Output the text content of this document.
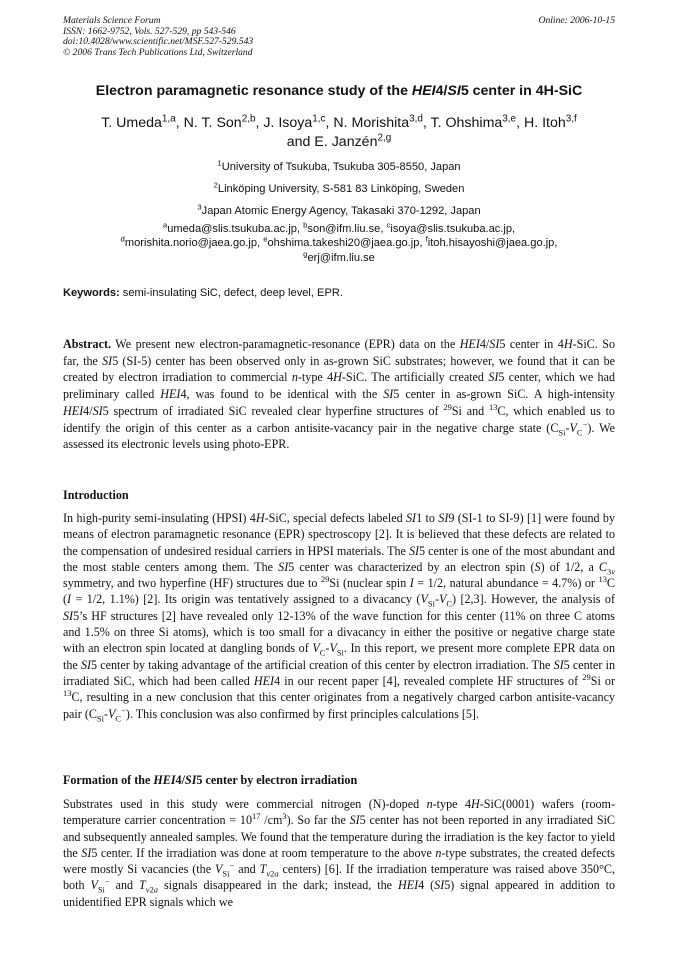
Materials Science Forum
ISSN: 1662-9752, Vols. 527-529, pp 543-546
doi:10.4028/www.scientific.net/MSF.527-529.543
© 2006 Trans Tech Publications Ltd, Switzerland
Online: 2006-10-15
Electron paramagnetic resonance study of the HEI4/SI5 center in 4H-SiC
T. Umeda$^{1,a}$, N. T. Son$^{2,b}$, J. Isoya$^{1,c}$, N. Morishita$^{3,d}$, T. Ohshima$^{3,e}$, H. Itoh$^{3,f}$
and E. Janzén$^{2,g}$
$^1$University of Tsukuba, Tsukuba 305-8550, Japan
$^2$Linköping University, S-581 83 Linköping, Sweden
$^3$Japan Atomic Energy Agency, Takasaki 370-1292, Japan
$^a$umeda@slis.tsukuba.ac.jp, $^b$son@ifm.liu.se, $^c$isoya@slis.tsukuba.ac.jp,
$^d$morishita.norio@jaea.go.jp, $^e$ohshima.takeshi20@jaea.go.jp, $^f$itoh.hisayoshi@jaea.go.jp,
$^g$erj@ifm.liu.se
Keywords: semi-insulating SiC, defect, deep level, EPR.
Abstract. We present new electron-paramagnetic-resonance (EPR) data on the HEI4/SI5 center in 4H-SiC. So far, the SI5 (SI-5) center has been observed only in as-grown SiC substrates; however, we found that it can be created by electron irradiation to commercial n-type 4H-SiC. The artificially created SI5 center, which we had preliminary called HEI4, was found to be identical with the SI5 center in as-grown SiC. A high-intensity HEI4/SI5 spectrum of irradiated SiC revealed clear hyperfine structures of $^{29}$Si and $^{13}$C, which enabled us to identify the origin of this center as a carbon antisite-vacancy pair in the negative charge state $(C_{Si}-V_C^-)$. We assessed its electronic levels using photo-EPR.
Introduction
In high-purity semi-insulating (HPSI) 4H-SiC, special defects labeled SI1 to SI9 (SI-1 to SI-9) [1] were found by means of electron paramagnetic resonance (EPR) spectroscopy [2]. It is believed that these defects are related to the compensation of undesired residual carriers in HPSI materials. The SI5 center is one of the most abundant and the most stable centers among them. The SI5 center was characterized by an electron spin (S) of 1/2, a $C_{3v}$ symmetry, and two hyperfine (HF) structures due to $^{29}$Si (nuclear spin I = 1/2, natural abundance = 4.7%) or $^{13}$C (I = 1/2, 1.1%) [2]. Its origin was tentatively assigned to a divacancy $(V_{Si}-V_C)$ [2,3]. However, the analysis of SI5’s HF structures [2] have revealed only 12-13% of the wave function for this center (11% on three C atoms and 1.5% on three Si atoms), which is too small for a divacancy in either the positive or negative charge state with an electron spin located at dangling bonds of $V_C-V_{Si}$. In this report, we present more complete EPR data on the SI5 center by taking advantage of the artificial creation of this center by electron irradiation. The SI5 center in irradiated SiC, which had been called HEI4 in our recent paper [4], revealed complete HF structures of $^{29}$Si or $^{13}$C, resulting in a new conclusion that this center originates from a negatively charged carbon antisite-vacancy pair $(C_{Si}-V_C^-)$. This conclusion was also confirmed by first principles calculations [5].
Formation of the HEI4/SI5 center by electron irradiation
Substrates used in this study were commercial nitrogen (N)-doped n-type 4H-SiC(0001) wafers (room-temperature carrier concentration = $10^{17}$ $/cm^3$). So far the SI5 center has not been reported in any irradiated SiC and subsequently annealed samples. We found that the temperature during the irradiation is the key factor to yield the SI5 center. If the irradiation was done at room temperature to the above n-type substrates, the created defects were mostly Si vacancies (the $V_{Si}^-$ and $T_{v2a}$ centers) [6]. If the irradiation temperature was raised above 350°C, both $V_{Si}^-$ and $T_{v2a}$ signals disappeared in the dark; instead, the HEI4 (SI5) signal appeared in addition to unidentified EPR signals which we
